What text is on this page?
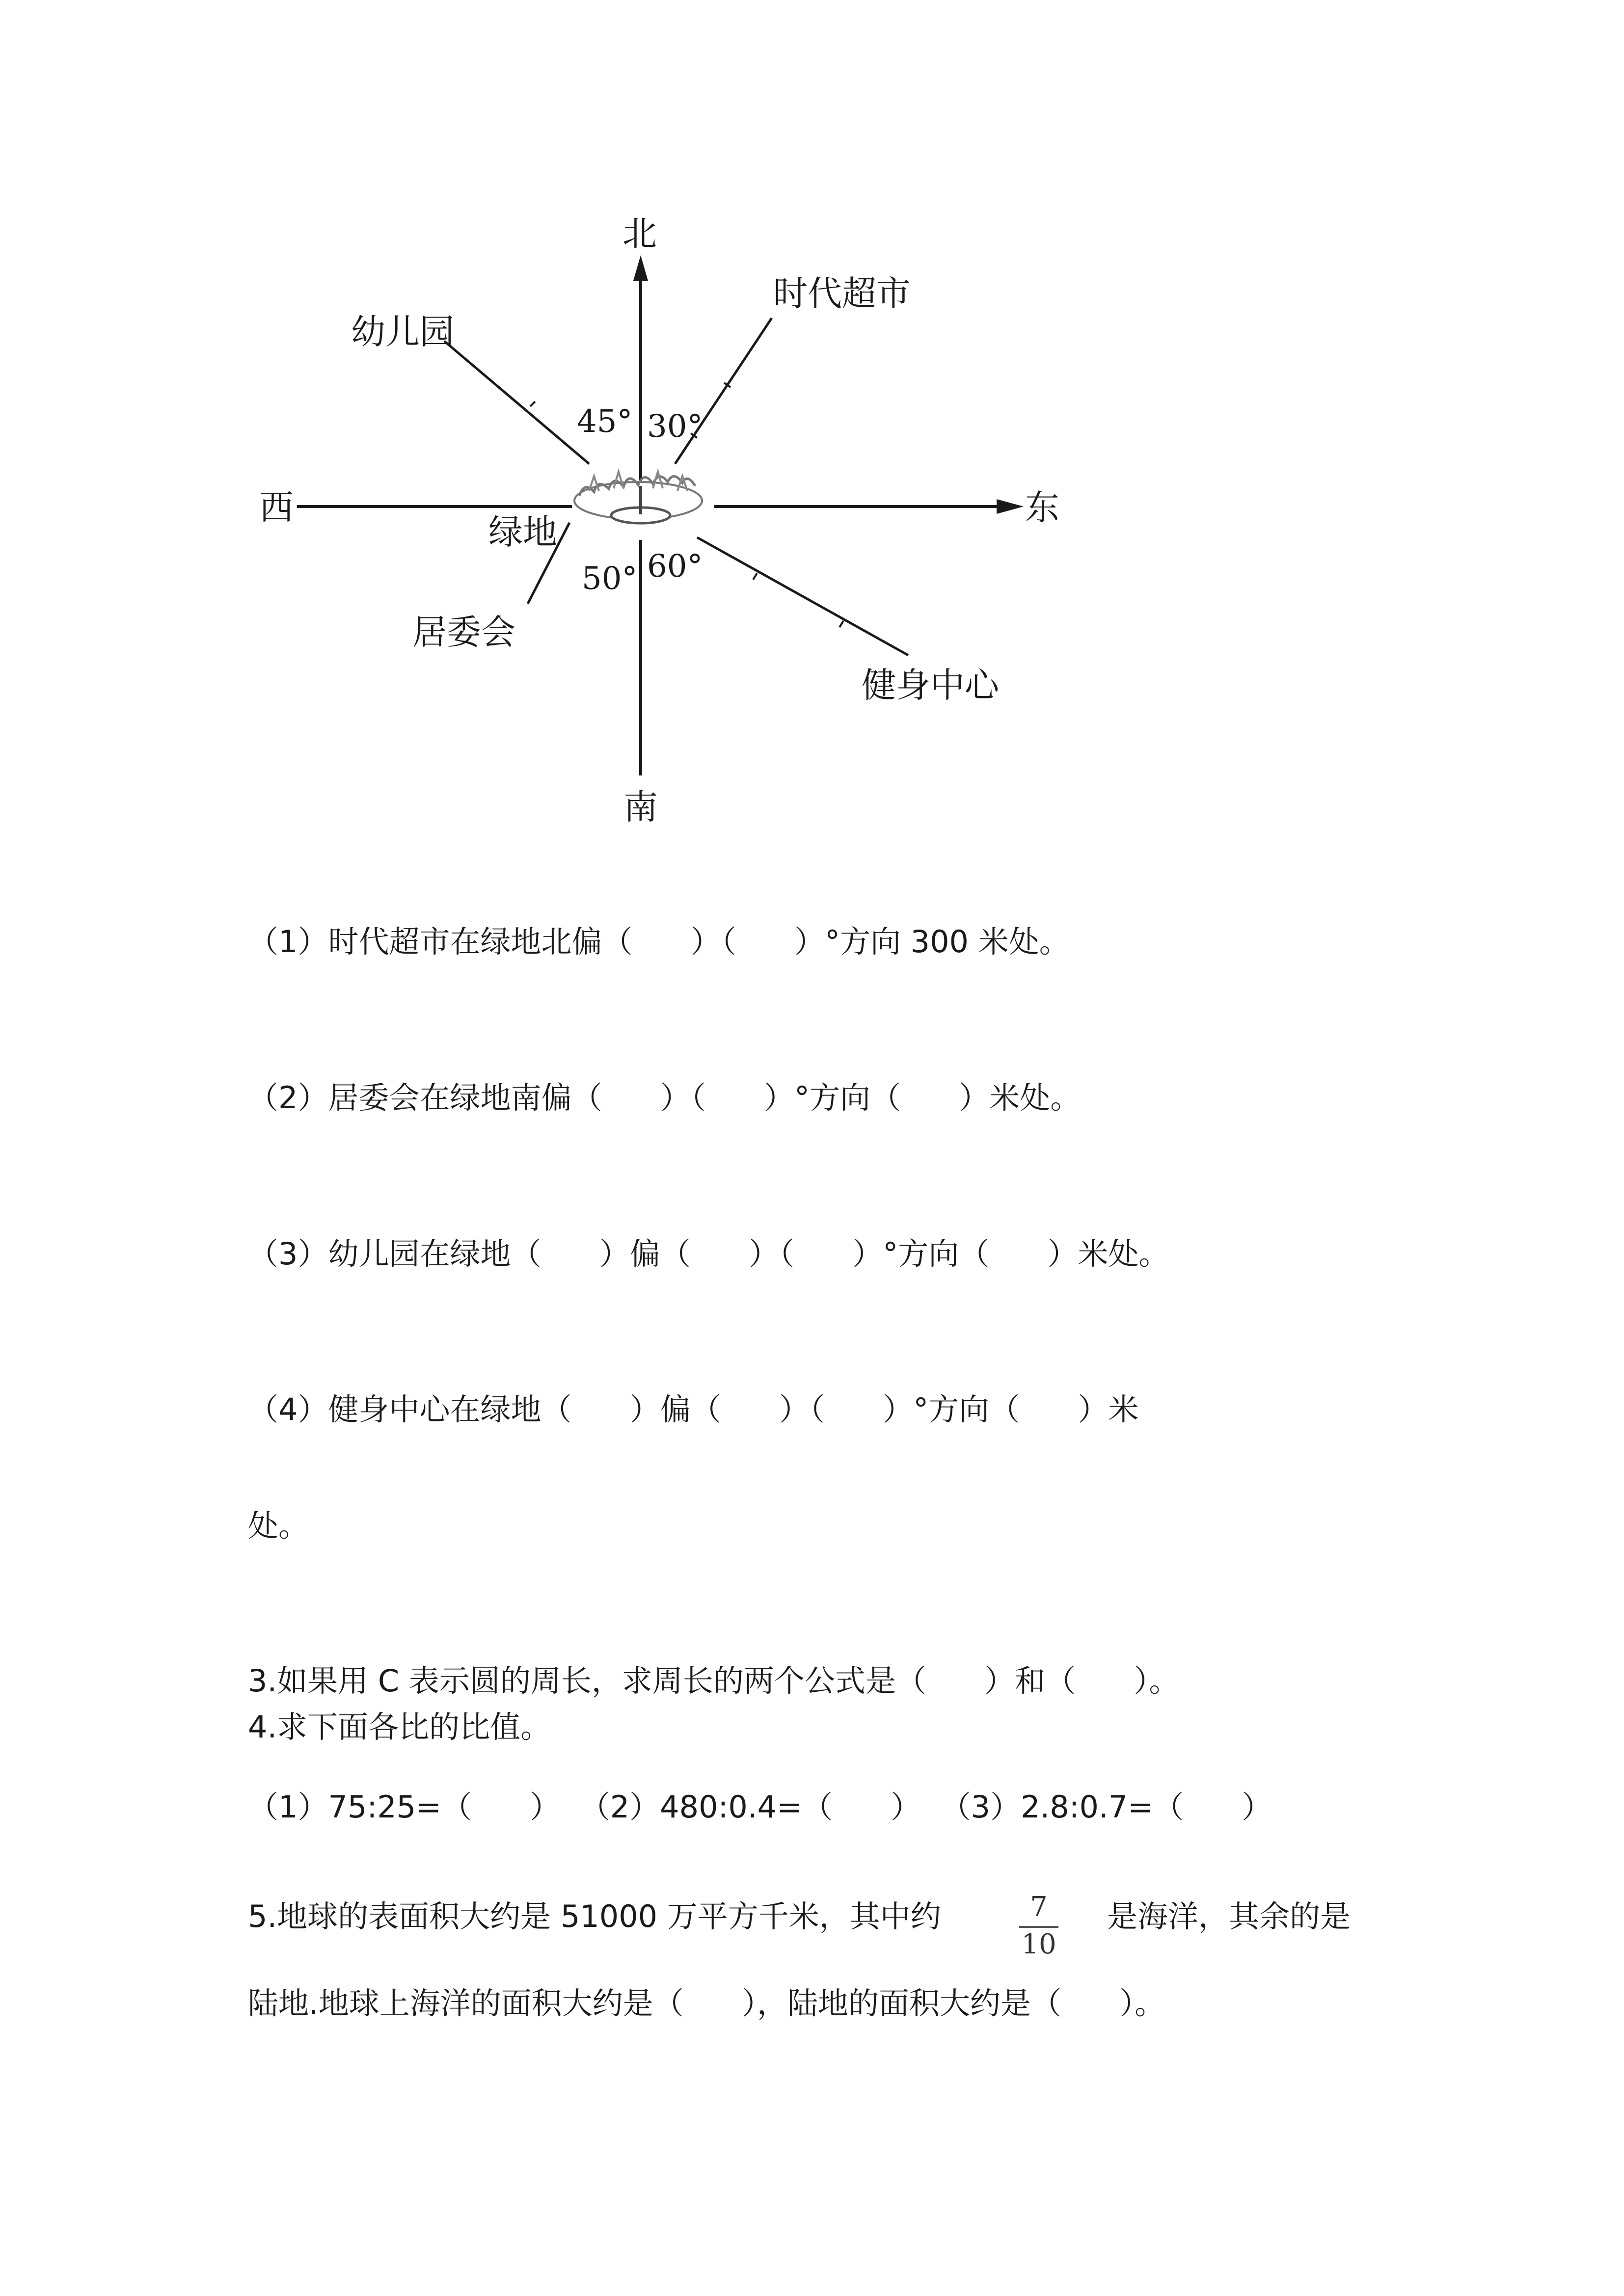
北
南
西	东
绿地
时代超市
幼儿园
居委会
健身中心
45° 30°
50° 60°
（1）时代超市在绿地北偏（      ）（      ）°方向 300 米处。
（2）居委会在绿地南偏（      ）（      ）°方向（      ）米处。
（3）幼儿园在绿地（      ）偏（      ）（      ）°方向（      ）米处。
（4）健身中心在绿地（      ）偏（      ）（      ）°方向（      ）米
处。
3.如果用 C 表示圆的周长，求周长的两个公式是（      ）和（      ）。
4.求下面各比的比值。
（1）75:25=（      ）  （2）480:0.4=（      ）  （3）2.8:0.7=（      ）
5.地球的表面积大约是 51000 万平方千米，其中约	7
10
是海洋，其余的是
陆地.地球上海洋的面积大约是（      ），陆地的面积大约是（      ）。
